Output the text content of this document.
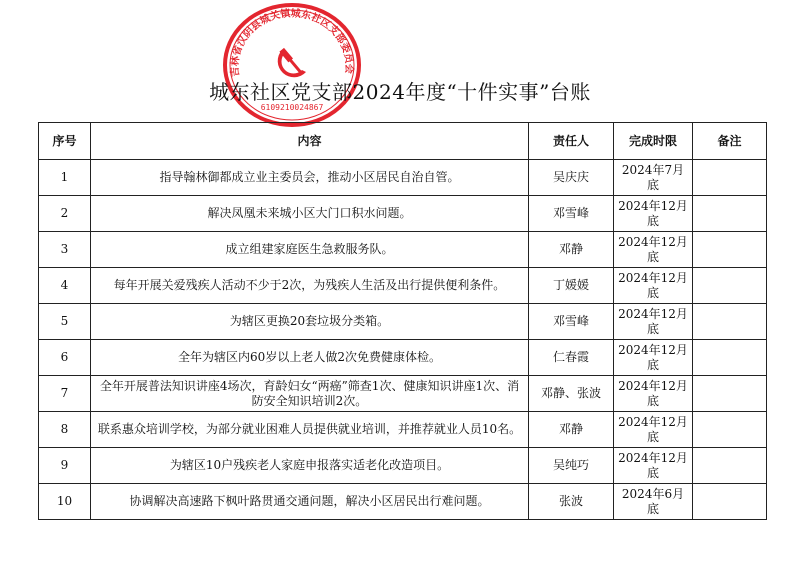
吉林省汉阴县城关镇城东社区支部委员会
6109210024867
城东社区党支部2024年度“十件实事”台账
序号	内容	责任人	完成时限	备注
1	指导翰林御都成立业主委员会，推动小区居民自治自管。	吴庆庆	2024年7月底	
2	解决凤凰未来城小区大门口积水问题。	邓雪峰	2024年12月底	
3	成立组建家庭医生急救服务队。	邓静	2024年12月底	
4	每年开展关爱残疾人活动不少于2次，为残疾人生活及出行提供便利条件。	丁媛媛	2024年12月底	
5	为辖区更换20套垃圾分类箱。	邓雪峰	2024年12月底	
6	全年为辖区内60岁以上老人做2次免费健康体检。	仁春霞	2024年12月底	
7	全年开展普法知识讲座4场次，育龄妇女“两癌”筛查1次、健康知识讲座1次、消防安全知识培训2次。	邓静、张波	2024年12月底	
8	联系惠众培训学校，为部分就业困难人员提供就业培训，并推荐就业人员10名。	邓静	2024年12月底	
9	为辖区10户残疾老人家庭申报落实适老化改造项目。	吴纯巧	2024年12月底	
10	协调解决高速路下枫叶路贯通交通问题，解决小区居民出行难问题。	张波	2024年6月底	
